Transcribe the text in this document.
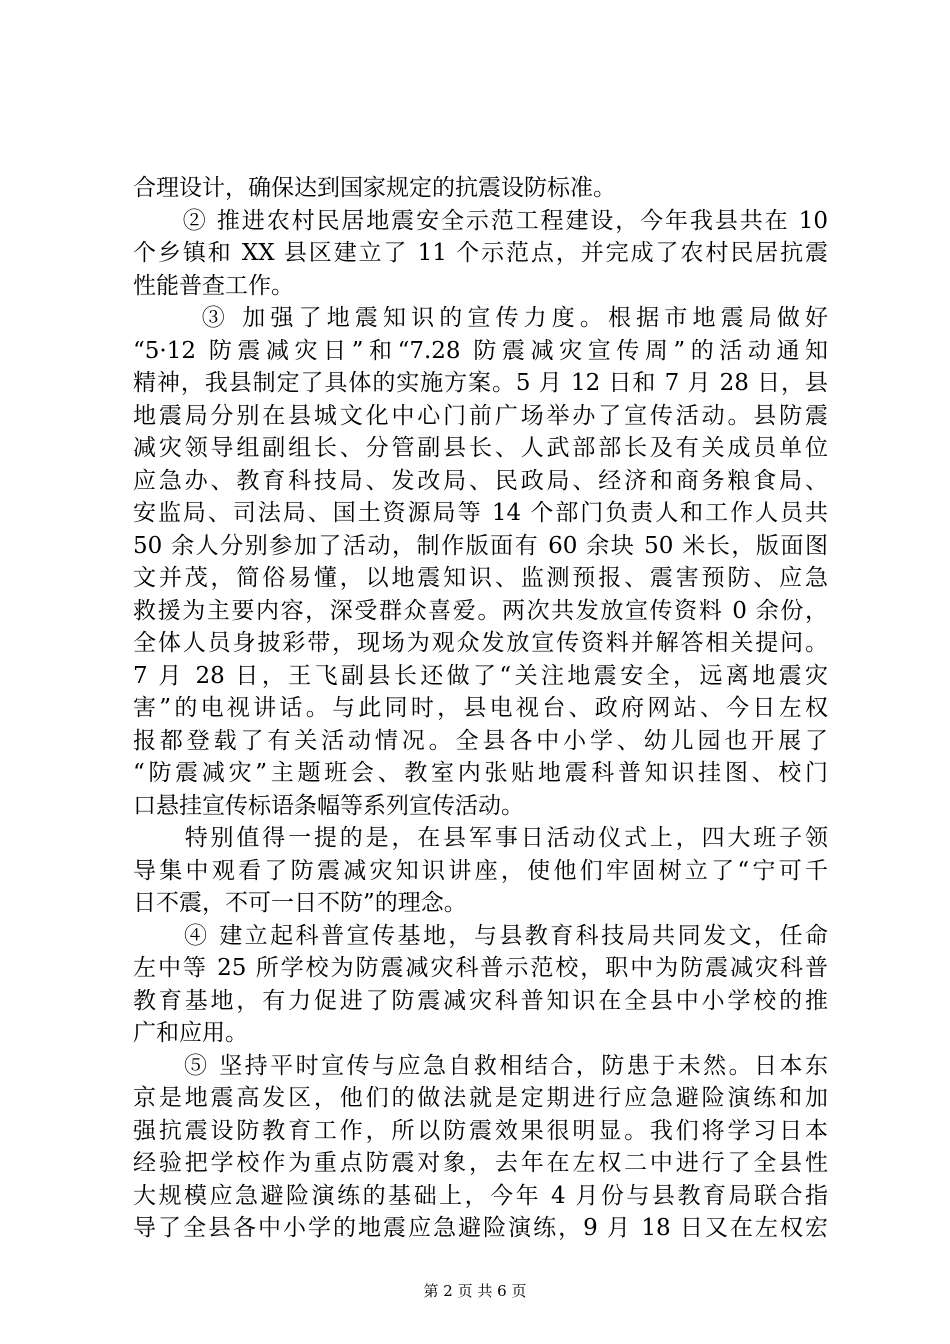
合理设计，确保达到国家规定的抗震设防标准。
　　② 推进农村民居地震安全示范工程建设，今年我县共在 10
个乡镇和 XX 县区建立了 11 个示范点，并完成了农村民居抗震
性能普查工作。
　　 ③ 加强了地震知识的宣传力度。根据市地震局做好
“5·12 防震减灾日”和“7.28 防震减灾宣传周”的活动通知
精神，我县制定了具体的实施方案。5 月 12 日和 7 月 28 日，县
地震局分别在县城文化中心门前广场举办了宣传活动。县防震
减灾领导组副组长、分管副县长、人武部部长及有关成员单位
应急办、教育科技局、发改局、民政局、经济和商务粮食局、
安监局、司法局、国土资源局等 14 个部门负责人和工作人员共
50 余人分别参加了活动，制作版面有 60 余块 50 米长，版面图
文并茂，简俗易懂，以地震知识、监测预报、震害预防、应急
救援为主要内容，深受群众喜爱。两次共发放宣传资料 0 余份，
全体人员身披彩带，现场为观众发放宣传资料并解答相关提问。
7 月 28 日，王飞副县长还做了“关注地震安全，远离地震灾
害”的电视讲话。与此同时，县电视台、政府网站、今日左权
报都登载了有关活动情况。全县各中小学、幼儿园也开展了
“防震减灾”主题班会、教室内张贴地震科普知识挂图、校门
口悬挂宣传标语条幅等系列宣传活动。
　　特别值得一提的是，在县军事日活动仪式上，四大班子领
导集中观看了防震减灾知识讲座，使他们牢固树立了“宁可千
日不震，不可一日不防”的理念。
　　④ 建立起科普宣传基地，与县教育科技局共同发文，任命
左中等 25 所学校为防震减灾科普示范校，职中为防震减灾科普
教育基地，有力促进了防震减灾科普知识在全县中小学校的推
广和应用。
　　⑤ 坚持平时宣传与应急自救相结合，防患于未然。日本东
京是地震高发区，他们的做法就是定期进行应急避险演练和加
强抗震设防教育工作，所以防震效果很明显。我们将学习日本
经验把学校作为重点防震对象，去年在左权二中进行了全县性
大规模应急避险演练的基础上，今年 4 月份与县教育局联合指
导了全县各中小学的地震应急避险演练，9 月 18 日又在左权宏
第 2 页 共 6 页
